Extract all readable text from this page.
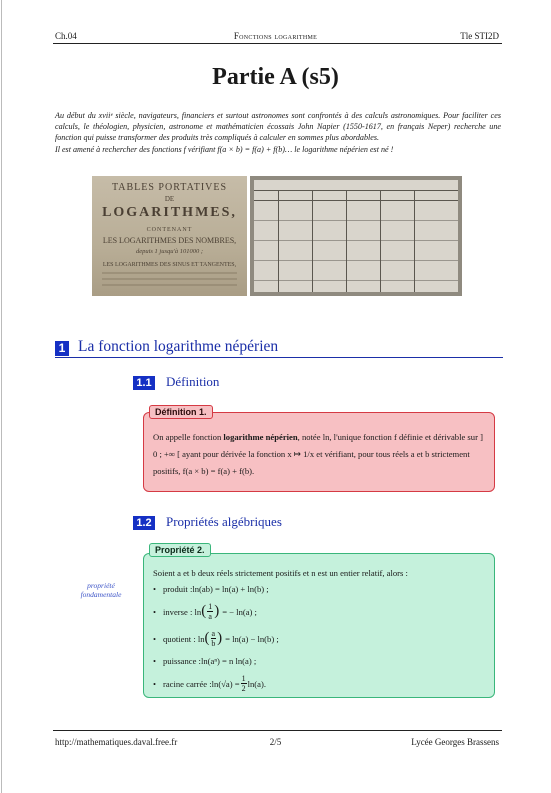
Ch.04	Fonctions logarithme	Tle STI2D
Partie A (s5)

Au début du xviiᵉ siècle, navigateurs, financiers et surtout astronomes sont confrontés à des calculs astronomiques. Pour faciliter ces calculs, le théologien, physicien, astronome et mathématicien écossais John Napier (1550-1617, en français Neper) recherche une fonction qui puisse transformer des produits très compliqués à calculer en sommes plus abordables.

Il est amené à rechercher des fonctions f vérifiant f(a × b) = f(a) + f(b)… le logarithme népérien est né !

TABLES PORTATIVES
DE
LOGARITHMES,
CONTENANT
LES LOGARITHMES DES NOMBRES,
depuis 1 jusqu'à 101000 ;
LES LOGARITHMES DES SINUS ET TANGENTES,
1 La fonction logarithme népérien
1.1 Définition
On appelle fonction logarithme népérien, notée ln, l'unique fonction f définie et dérivable sur ] 0 ; +∞ [ ayant pour dérivée la fonction x ↦ 1/x et vérifiant, pour tous réels a et b strictement positifs, f(a × b) = f(a) + f(b).
Définition 1.
1.2 Propriétés algébriques
propriété fondamentale

Soient a et b deux réels strictement positifs et n est un entier relatif, alors :

• produit : ln(ab) = ln(a) + ln(b) ;
• inverse : ln ( $\frac{1}{a}$ ) = − ln(a) ;
• quotient : ln ( $\frac{a}{b}$ ) = ln(a) − ln(b) ;
• puissance : ln(aⁿ) = n ln(a) ;
• racine carrée : $\ln(√a) = \frac{1}{2} \ln(a)$.
Propriété 2.
http://mathematiques.daval.free.fr	2/5	Lycée Georges Brassens
